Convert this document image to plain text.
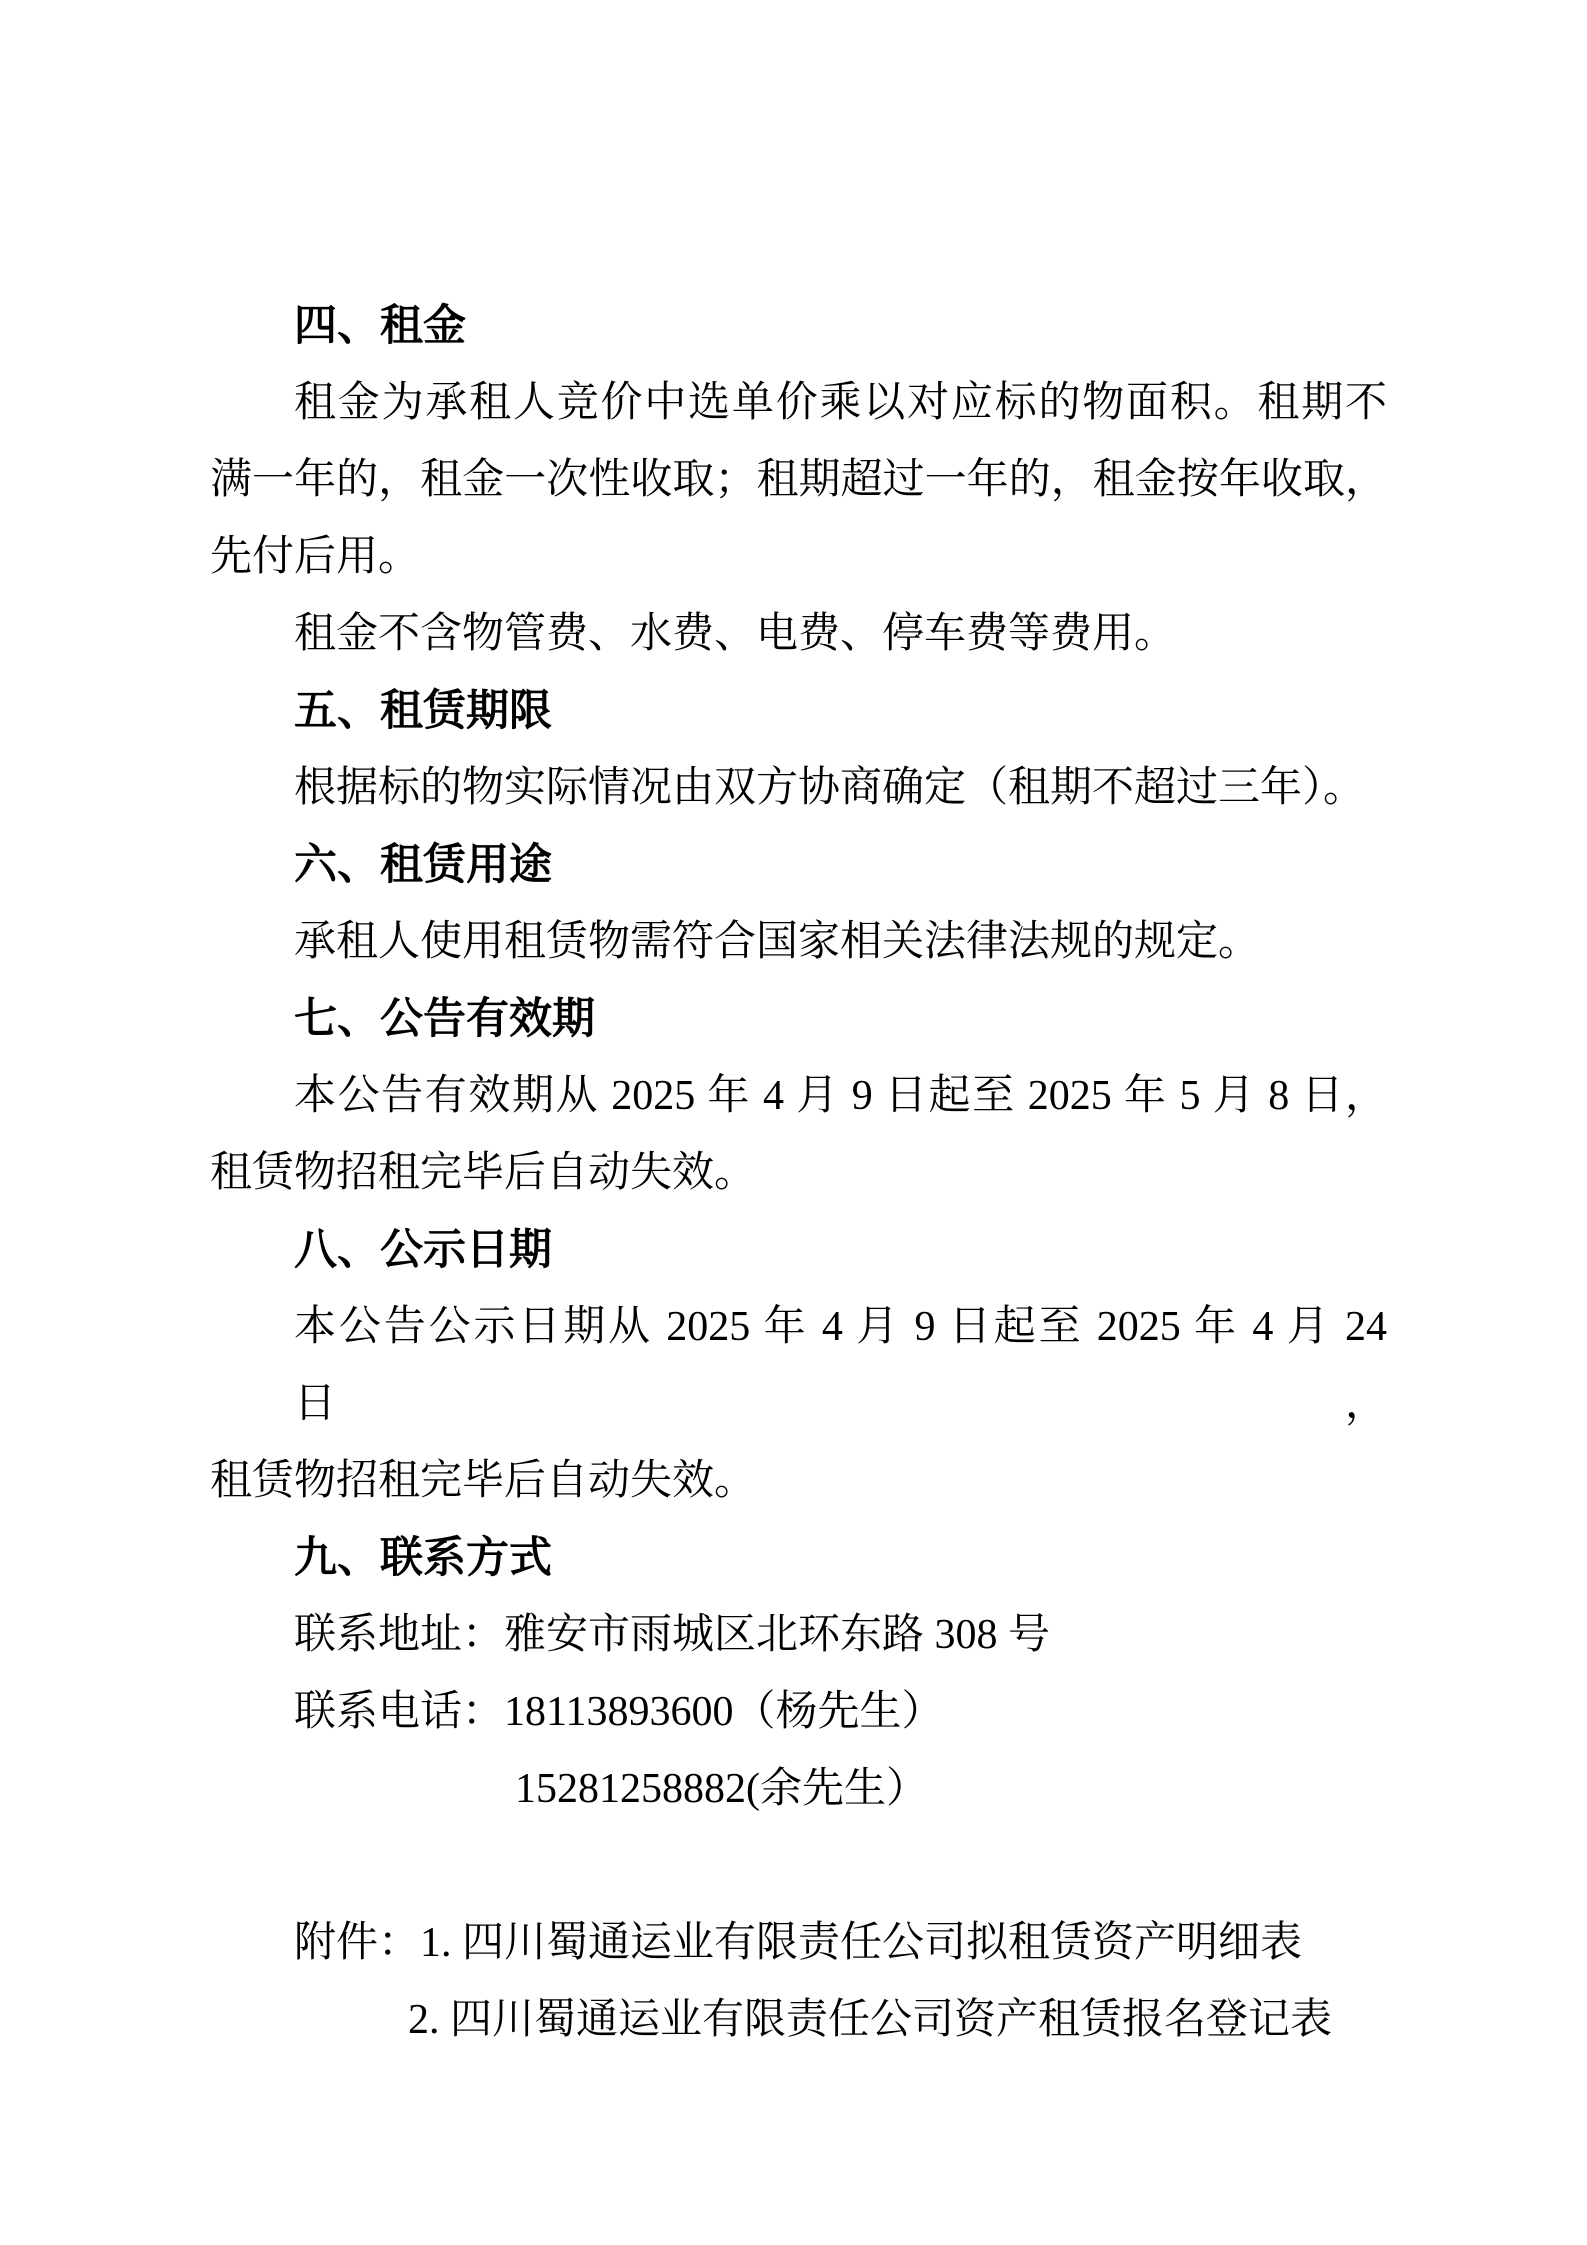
四、租金
租金为承租人竞价中选单价乘以对应标的物面积。租期不
满一年的，租金一次性收取；租期超过一年的，租金按年收取，
先付后用。
租金不含物管费、水费、电费、停车费等费用。
五、租赁期限
根据标的物实际情况由双方协商确定（租期不超过三年）。
六、租赁用途
承租人使用租赁物需符合国家相关法律法规的规定。
七、公告有效期
本公告有效期从 2025 年 4 月 9 日起至 2025 年 5 月 8 日，
租赁物招租完毕后自动失效。
八、公示日期
本公告公示日期从 2025 年 4 月 9 日起至 2025 年 4 月 24 日，
租赁物招租完毕后自动失效。
九、联系方式
联系地址：雅安市雨城区北环东路 308 号
联系电话：18113893600（杨先生）
15281258882(余先生）
附件：1. 四川蜀通运业有限责任公司拟租赁资产明细表
2. 四川蜀通运业有限责任公司资产租赁报名登记表
